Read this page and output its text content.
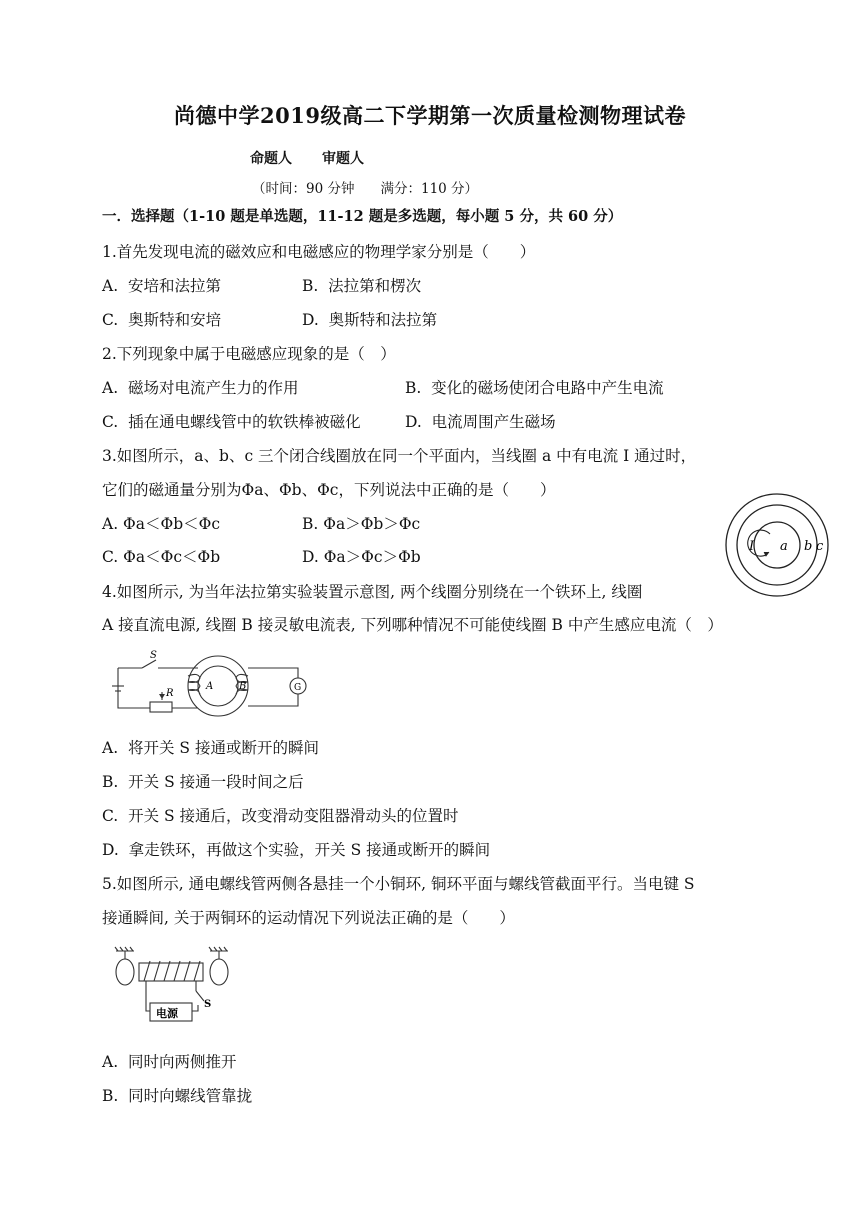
尚德中学2019级高二下学期第一次质量检测物理试卷
命题人 审题人
（时间：90 分钟 满分：110 分）
一．选择题（1-10 题是单选题，11-12 题是多选题，每小题 5 分，共 60 分）
1.首先发现电流的磁效应和电磁感应的物理学家分别是（　　）
A.  安培和法拉第	B.  法拉第和楞次
C.  奥斯特和安培	D.  奥斯特和法拉第
2.下列现象中属于电磁感应现象的是（　）
A.  磁场对电流产生力的作用	B.  变化的磁场使闭合电路中产生电流
C.  插在通电螺线管中的软铁棒被磁化	D.  电流周围产生磁场
3.如图所示，a、b、c 三个闭合线圈放在同一个平面内，当线圈 a 中有电流 I 通过时，
它们的磁通量分别为Φa、Φb、Φc，下列说法中正确的是（　　）
A. Φa＜Φb＜Φc	B. Φa＞Φb＞Φc
C. Φa＜Φc＜Φb	D. Φa＞Φc＞Φb
I a b c
4.如图所示, 为当年法拉第实验装置示意图, 两个线圈分别绕在一个铁环上, 线圈
A 接直流电源, 线圈 B 接灵敏电流表, 下列哪种情况不可能使线圈 B 中产生感应电流（　）
S
R
A	B	G
A.  将开关 S 接通或断开的瞬间
B.  开关 S 接通一段时间之后
C.  开关 S 接通后，改变滑动变阻器滑动头的位置时
D.  拿走铁环，再做这个实验，开关 S 接通或断开的瞬间
5.如图所示, 通电螺线管两侧各悬挂一个小铜环, 铜环平面与螺线管截面平行。当电键 S
接通瞬间, 关于两铜环的运动情况下列说法正确的是（　　）
S
电源
A.  同时向两侧推开
B.  同时向螺线管靠拢
